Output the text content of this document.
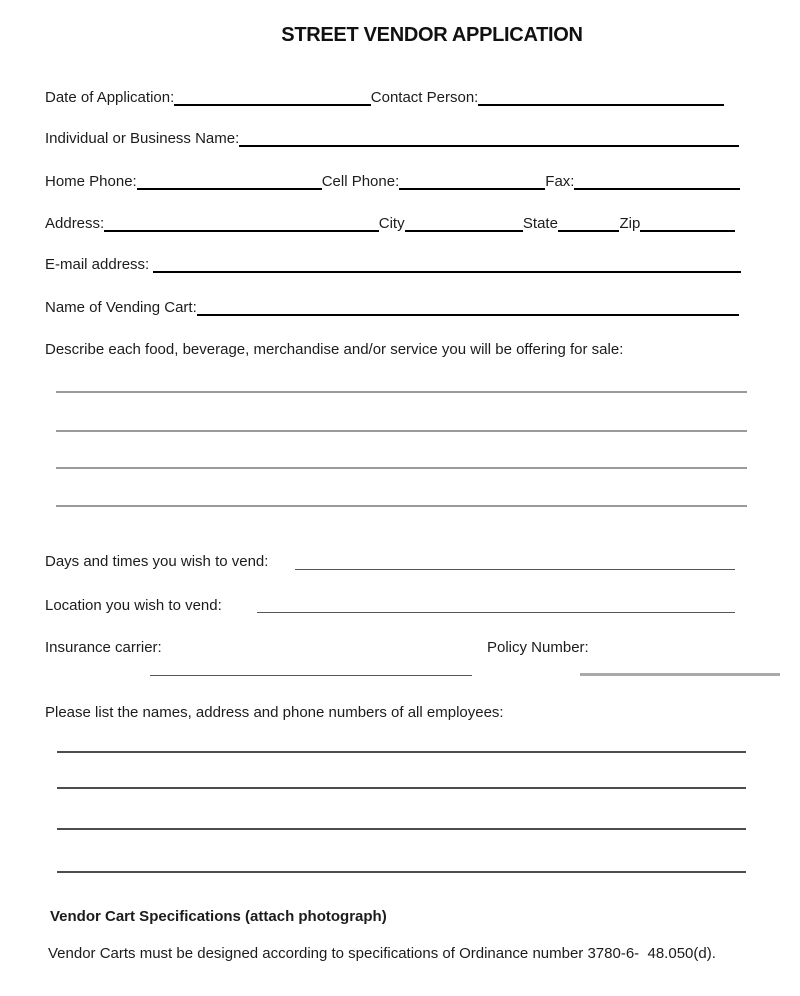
STREET VENDOR APPLICATION
Date of Application:	Contact Person:
Individual or Business Name:
Home Phone:	Cell Phone:	Fax:
Address:	City	State	Zip
E-mail address:
Name of Vending Cart:
Describe each food, beverage, merchandise and/or service you will be offering for sale:
Days and times you wish to vend:
Location you wish to vend:
Insurance carrier:	Policy Number:
Please list the names, address and phone numbers of all employees:
Vendor Cart Specifications (attach photograph)
Vendor Carts must be designed according to specifications of Ordinance number 3780-6-  48.050(d).
